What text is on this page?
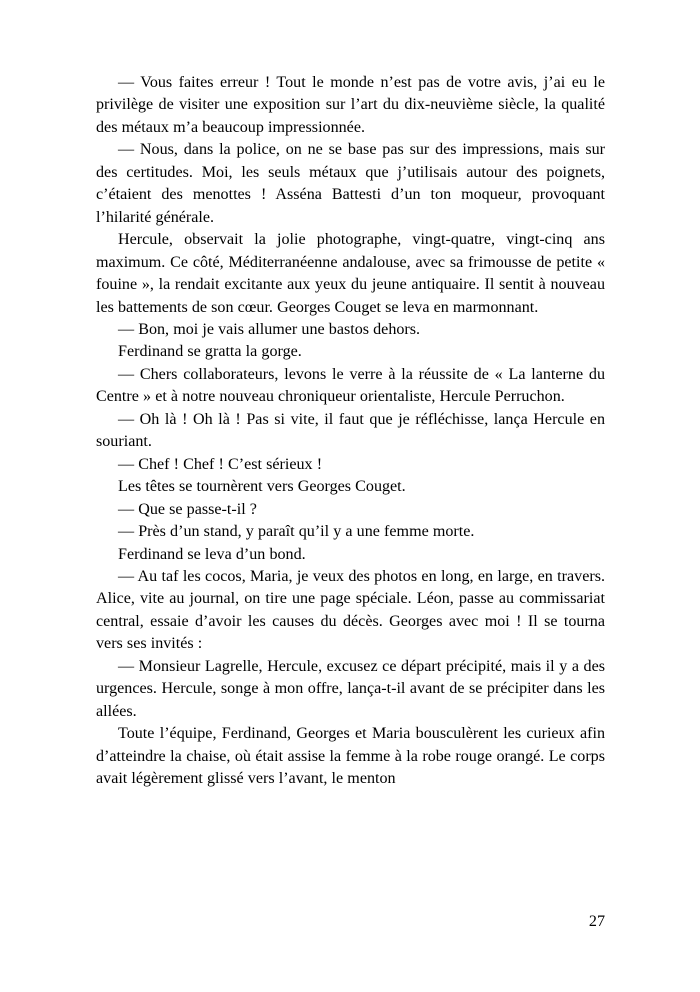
— Vous faites erreur ! Tout le monde n’est pas de votre avis, j’ai eu le privilège de visiter une exposition sur l’art du dix-neuvième siècle, la qualité des métaux m’a beaucoup impressionnée.

— Nous, dans la police, on ne se base pas sur des impressions, mais sur des certitudes. Moi, les seuls métaux que j’utilisais autour des poignets, c’étaient des menottes ! Asséna Battesti d’un ton moqueur, provoquant l’hilarité générale.

Hercule, observait la jolie photographe, vingt-quatre, vingt-cinq ans maximum. Ce côté, Méditerranéenne andalouse, avec sa frimousse de petite « fouine », la rendait excitante aux yeux du jeune antiquaire. Il sentit à nouveau les battements de son cœur. Georges Couget se leva en marmonnant.

— Bon, moi je vais allumer une bastos dehors.

Ferdinand se gratta la gorge.

— Chers collaborateurs, levons le verre à la réussite de « La lanterne du Centre » et à notre nouveau chroniqueur orientaliste, Hercule Perruchon.

— Oh là ! Oh là ! Pas si vite, il faut que je réfléchisse, lança Hercule en souriant.

— Chef ! Chef ! C’est sérieux !

Les têtes se tournèrent vers Georges Couget.

— Que se passe-t-il ?

— Près d’un stand, y paraît qu’il y a une femme morte.

Ferdinand se leva d’un bond.

— Au taf les cocos, Maria, je veux des photos en long, en large, en travers. Alice, vite au journal, on tire une page spéciale. Léon, passe au commissariat central, essaie d’avoir les causes du décès. Georges avec moi ! Il se tourna vers ses invités :

— Monsieur Lagrelle, Hercule, excusez ce départ précipité, mais il y a des urgences. Hercule, songe à mon offre, lança-t-il avant de se précipiter dans les allées.

Toute l’équipe, Ferdinand, Georges et Maria bousculèrent les curieux afin d’atteindre la chaise, où était assise la femme à la robe rouge orangé. Le corps avait légèrement glissé vers l’avant, le menton

27
